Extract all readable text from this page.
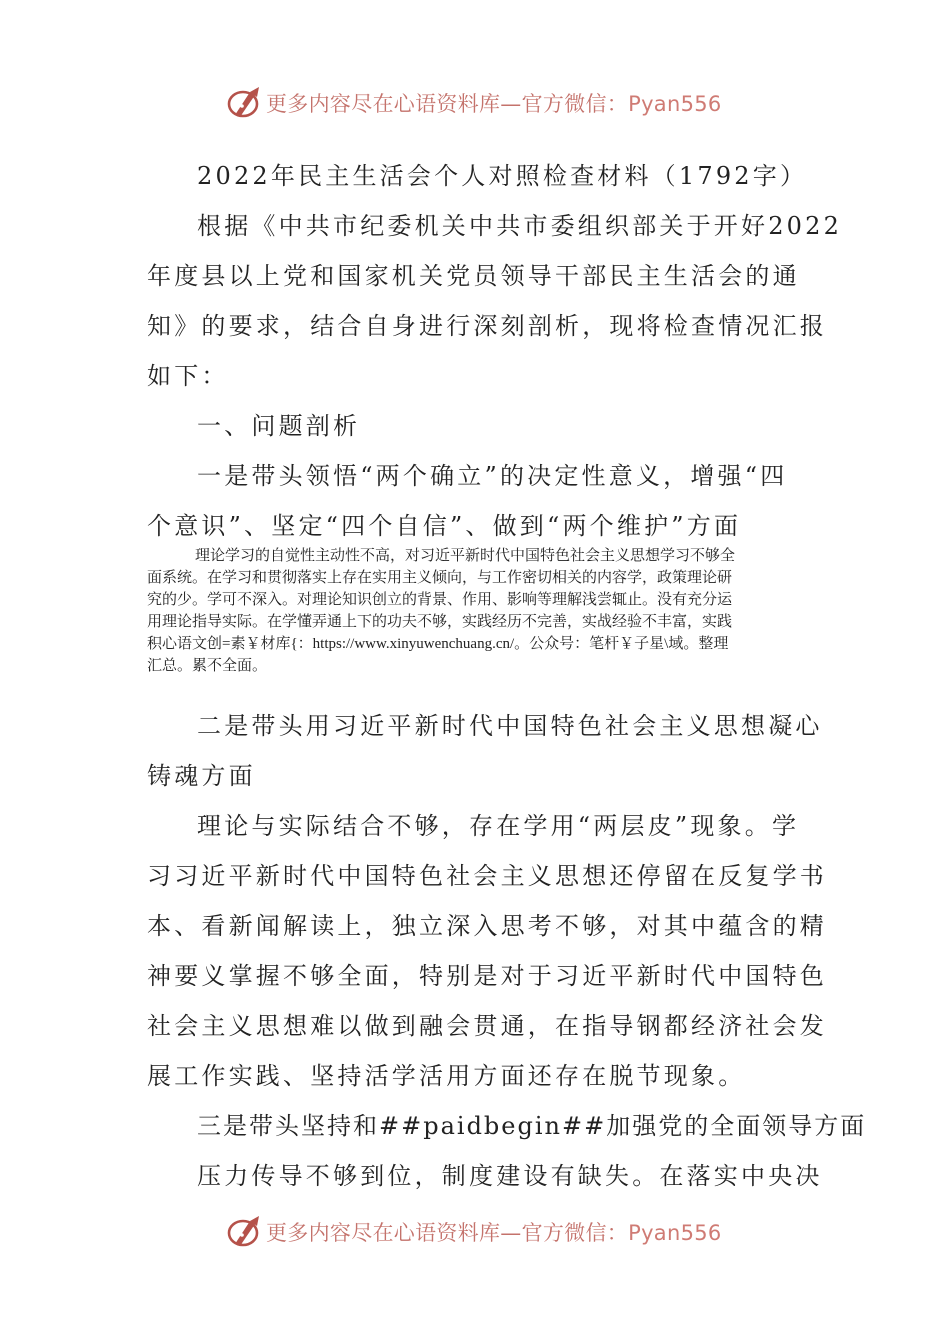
更多内容尽在心语资料库—官方微信：Pyan556

2022年民主生活会个人对照检查材料（1792字）

根据《中共市纪委机关中共市委组织部关于开好2022

年度县以上党和国家机关党员领导干部民主生活会的通

知》的要求，结合自身进行深刻剖析，现将检查情况汇报

如下：

一、问题剖析

一是带头领悟“两个确立”的决定性意义，增强“四

个意识”、坚定“四个自信”、做到“两个维护”方面

理论学习的自觉性主动性不高，对习近平新时代中国特色社会主义思想学习不够全

面系统。在学习和贯彻落实上存在实用主义倾向，与工作密切相关的内容学，政策理论研

究的少。学可不深入。对理论知识创立的背景、作用、影响等理解浅尝辄止。没有充分运

用理论指导实际。在学懂弄通上下的功夫不够，实践经历不完善，实战经验不丰富，实践

积心语文创=素￥材库{：https://www.xinyuwenchuang.cn/。公众号：笔杆￥子星\域。整理

汇总。累不全面。

二是带头用习近平新时代中国特色社会主义思想凝心

铸魂方面

理论与实际结合不够，存在学用“两层皮”现象。学

习习近平新时代中国特色社会主义思想还停留在反复学书

本、看新闻解读上，独立深入思考不够，对其中蕴含的精

神要义掌握不够全面，特别是对于习近平新时代中国特色

社会主义思想难以做到融会贯通，在指导钢都经济社会发

展工作实践、坚持活学活用方面还存在脱节现象。

三是带头坚持和##paidbegin##加强党的全面领导方面

压力传导不够到位，制度建设有缺失。在落实中央决

更多内容尽在心语资料库—官方微信：Pyan556
